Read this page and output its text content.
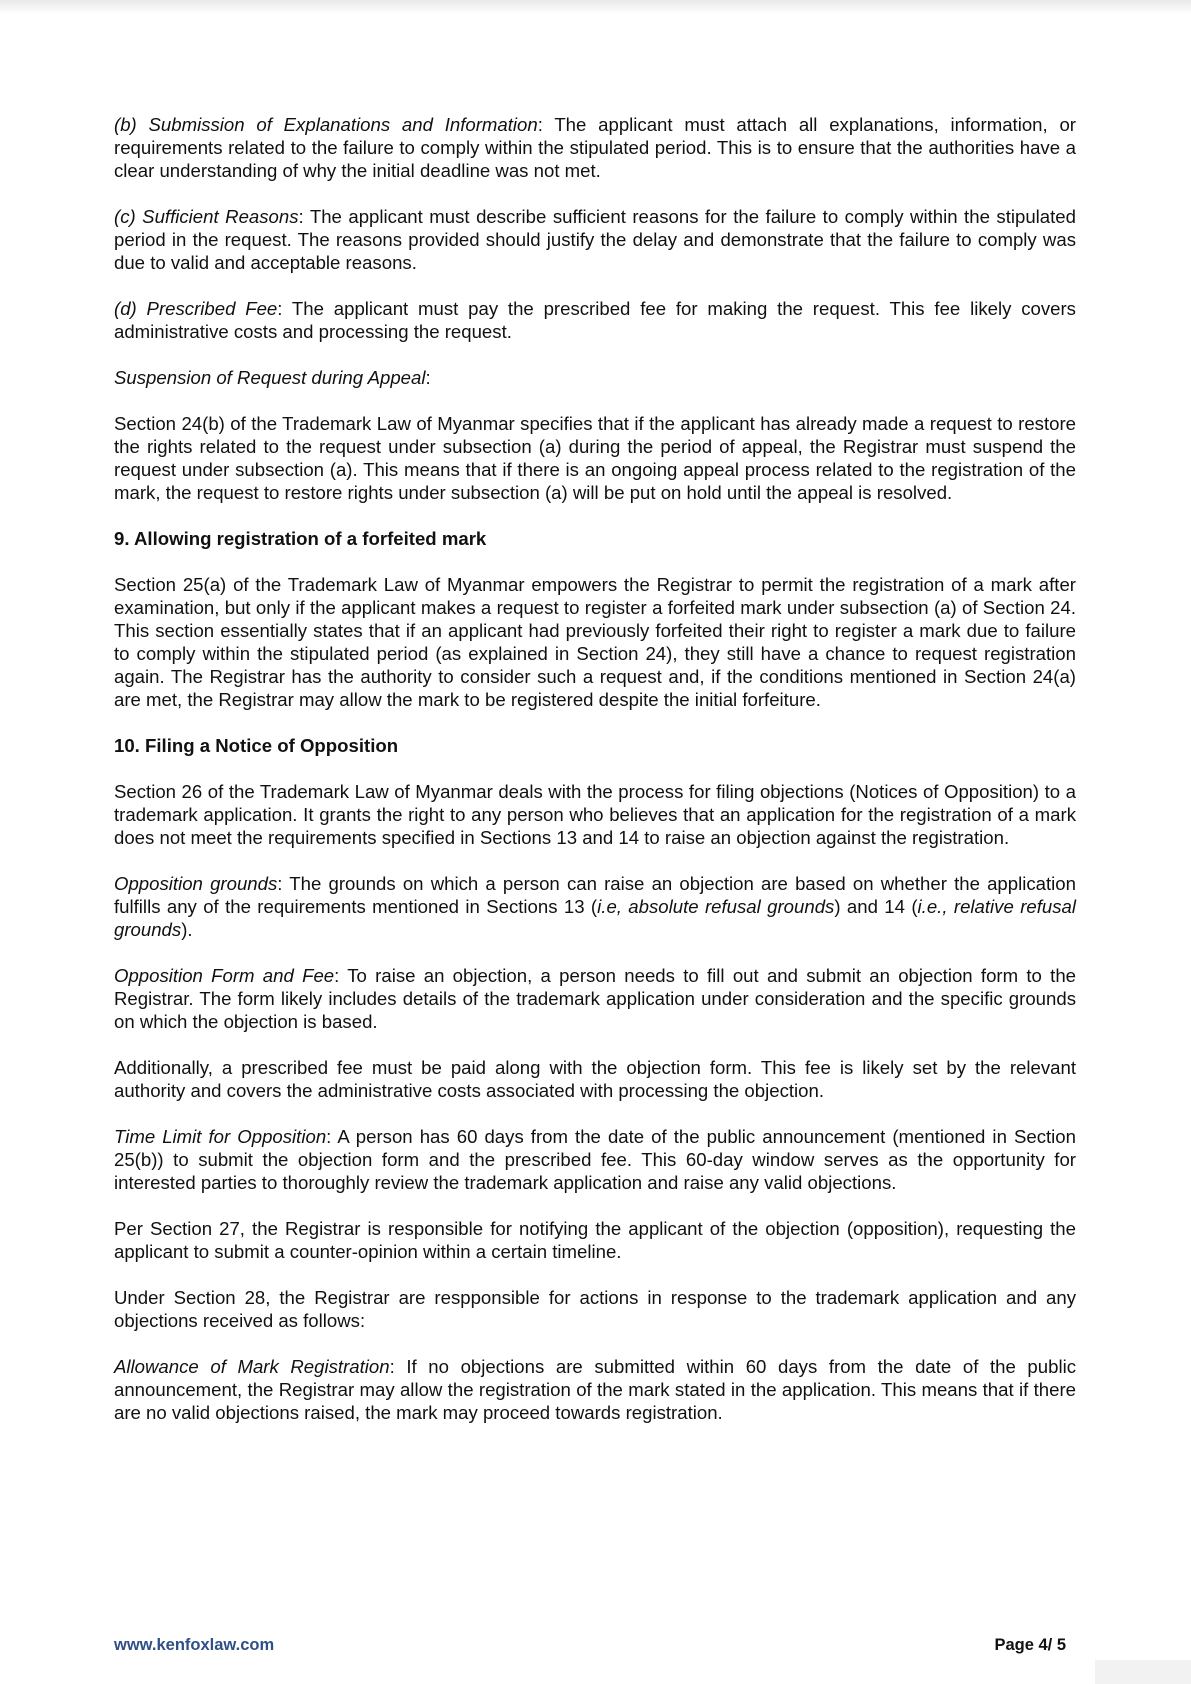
(b) Submission of Explanations and Information: The applicant must attach all explanations, information, or requirements related to the failure to comply within the stipulated period. This is to ensure that the authorities have a clear understanding of why the initial deadline was not met.

(c) Sufficient Reasons: The applicant must describe sufficient reasons for the failure to comply within the stipulated period in the request. The reasons provided should justify the delay and demonstrate that the failure to comply was due to valid and acceptable reasons.

(d) Prescribed Fee: The applicant must pay the prescribed fee for making the request. This fee likely covers administrative costs and processing the request.

Suspension of Request during Appeal:

Section 24(b) of the Trademark Law of Myanmar specifies that if the applicant has already made a request to restore the rights related to the request under subsection (a) during the period of appeal, the Registrar must suspend the request under subsection (a). This means that if there is an ongoing appeal process related to the registration of the mark, the request to restore rights under subsection (a) will be put on hold until the appeal is resolved.

9. Allowing registration of a forfeited mark

Section 25(a) of the Trademark Law of Myanmar empowers the Registrar to permit the registration of a mark after examination, but only if the applicant makes a request to register a forfeited mark under subsection (a) of Section 24. This section essentially states that if an applicant had previously forfeited their right to register a mark due to failure to comply within the stipulated period (as explained in Section 24), they still have a chance to request registration again. The Registrar has the authority to consider such a request and, if the conditions mentioned in Section 24(a) are met, the Registrar may allow the mark to be registered despite the initial forfeiture.

10. Filing a Notice of Opposition

Section 26 of the Trademark Law of Myanmar deals with the process for filing objections (Notices of Opposition) to a trademark application. It grants the right to any person who believes that an application for the registration of a mark does not meet the requirements specified in Sections 13 and 14 to raise an objection against the registration.

Opposition grounds: The grounds on which a person can raise an objection are based on whether the application fulfills any of the requirements mentioned in Sections 13 (i.e, absolute refusal grounds) and 14 (i.e., relative refusal grounds).

Opposition Form and Fee: To raise an objection, a person needs to fill out and submit an objection form to the Registrar. The form likely includes details of the trademark application under consideration and the specific grounds on which the objection is based.

Additionally, a prescribed fee must be paid along with the objection form. This fee is likely set by the relevant authority and covers the administrative costs associated with processing the objection.

Time Limit for Opposition: A person has 60 days from the date of the public announcement (mentioned in Section 25(b)) to submit the objection form and the prescribed fee. This 60-day window serves as the opportunity for interested parties to thoroughly review the trademark application and raise any valid objections.

Per Section 27, the Registrar is responsible for notifying the applicant of the objection (opposition), requesting the applicant to submit a counter-opinion within a certain timeline.

Under Section 28, the Registrar are respponsible for actions in response to the trademark application and any objections received as follows:

Allowance of Mark Registration: If no objections are submitted within 60 days from the date of the public announcement, the Registrar may allow the registration of the mark stated in the application. This means that if there are no valid objections raised, the mark may proceed towards registration.

www.kenfoxlaw.com	Page 4/ 5
